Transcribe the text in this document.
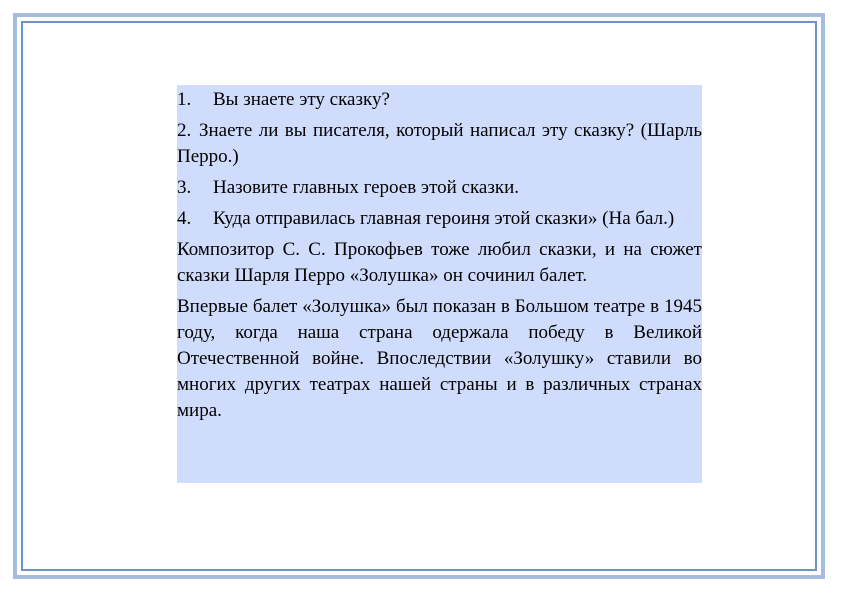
1. Вы знаете эту сказку?

2. Знаете ли вы писателя, который написал эту сказку? (Шарль Перро.)

3. Назовите главных героев этой сказки.

4. Куда отправилась главная героиня этой сказки» (На бал.)

Композитор С. С. Прокофьев тоже любил сказки, и на сюжет сказки Шарля Перро «Золушка» он сочинил балет.

Впервые балет «Золушка» был показан в Большом театре в 1945 году, когда наша страна одержала победу в Великой Отечественной войне. Впоследствии «Золушку» ставили во многих других театрах нашей страны и в различных странах мира.
